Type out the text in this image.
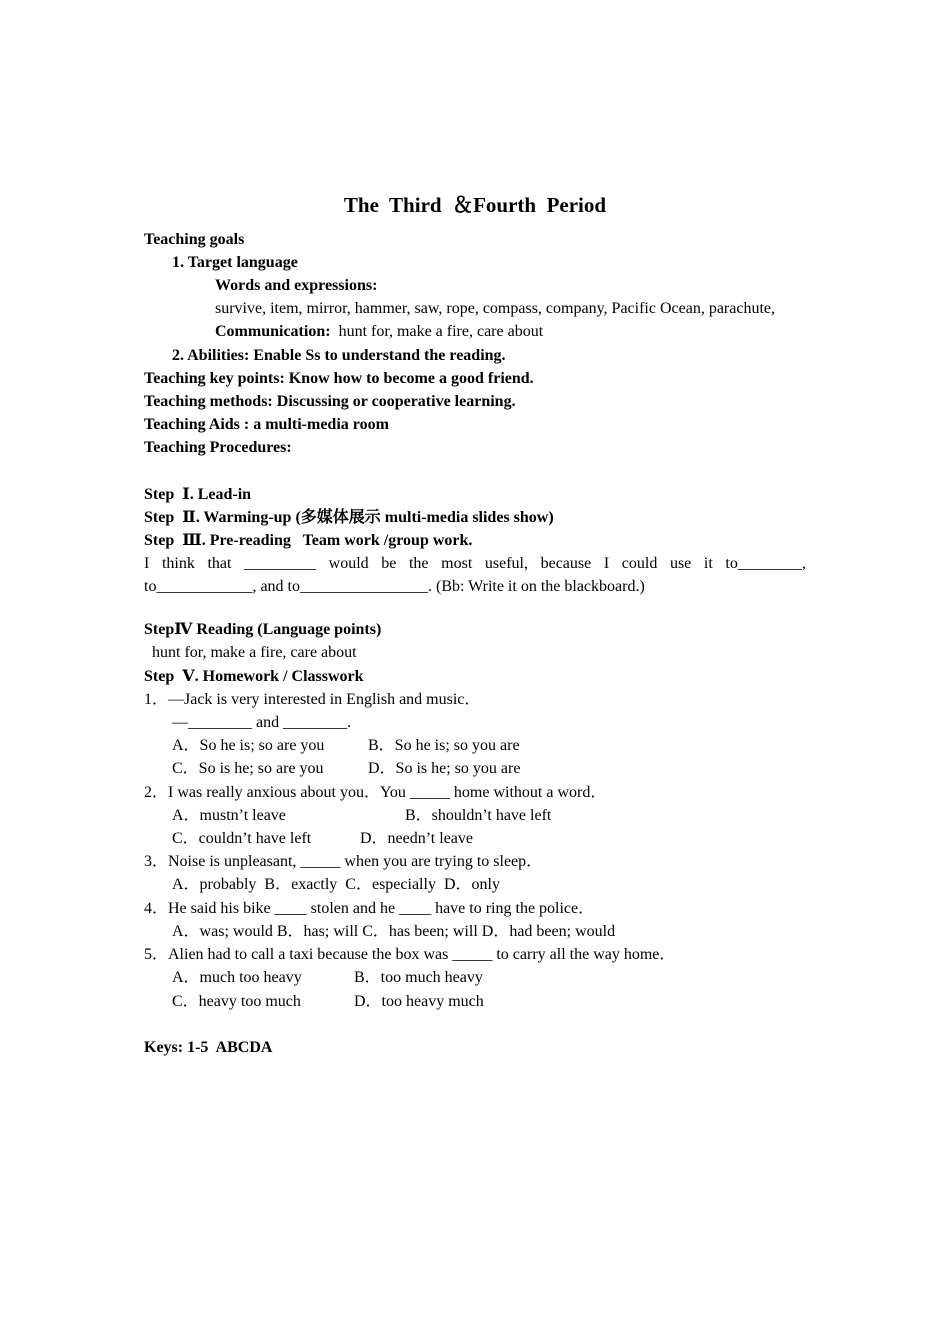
The  Third  ＆Fourth  Period
Teaching goals
1. Target language
Words and expressions:
survive, item, mirror, hammer, saw, rope, compass, company, Pacific Ocean, parachute,
Communication:  hunt for, make a fire, care about
2. Abilities: Enable Ss to understand the reading.
Teaching key points: Know how to become a good friend.
Teaching methods: Discussing or cooperative learning.
Teaching Aids : a multi-media room
Teaching Procedures:
Step  Ⅰ. Lead-in
Step  Ⅱ. Warming-up (多媒体展示 multi-media slides show)
Step  Ⅲ. Pre-reading   Team work /group work.
I think that _________ would be the most useful, because I could use it to________,
to____________, and to________________. (Bb: Write it on the blackboard.)
StepⅣ Reading (Language points)
hunt for, make a fire, care about
Step  Ⅴ. Homework / Classwork
1．—Jack is very interested in English and music．
—________ and ________.
A．So he is; so are you	B．So he is; so you are
C．So is he; so are you	D．So is he; so you are
2．I was really anxious about you．You _____ home without a word．
A．mustn’t leave	B．shouldn’t have left
C．couldn’t have left	D．needn’t leave
3．Noise is unpleasant, _____ when you are trying to sleep．
A．probably  B．exactly  C．especially  D．only
4．He said his bike ____ stolen and he ____ have to ring the police．
A．was; would B．has; will C．has been; will D．had been; would
5．Alien had to call a taxi because the box was _____ to carry all the way home．
A．much too heavy	B．too much heavy
C．heavy too much	D．too heavy much
Keys: 1-5  ABCDA
